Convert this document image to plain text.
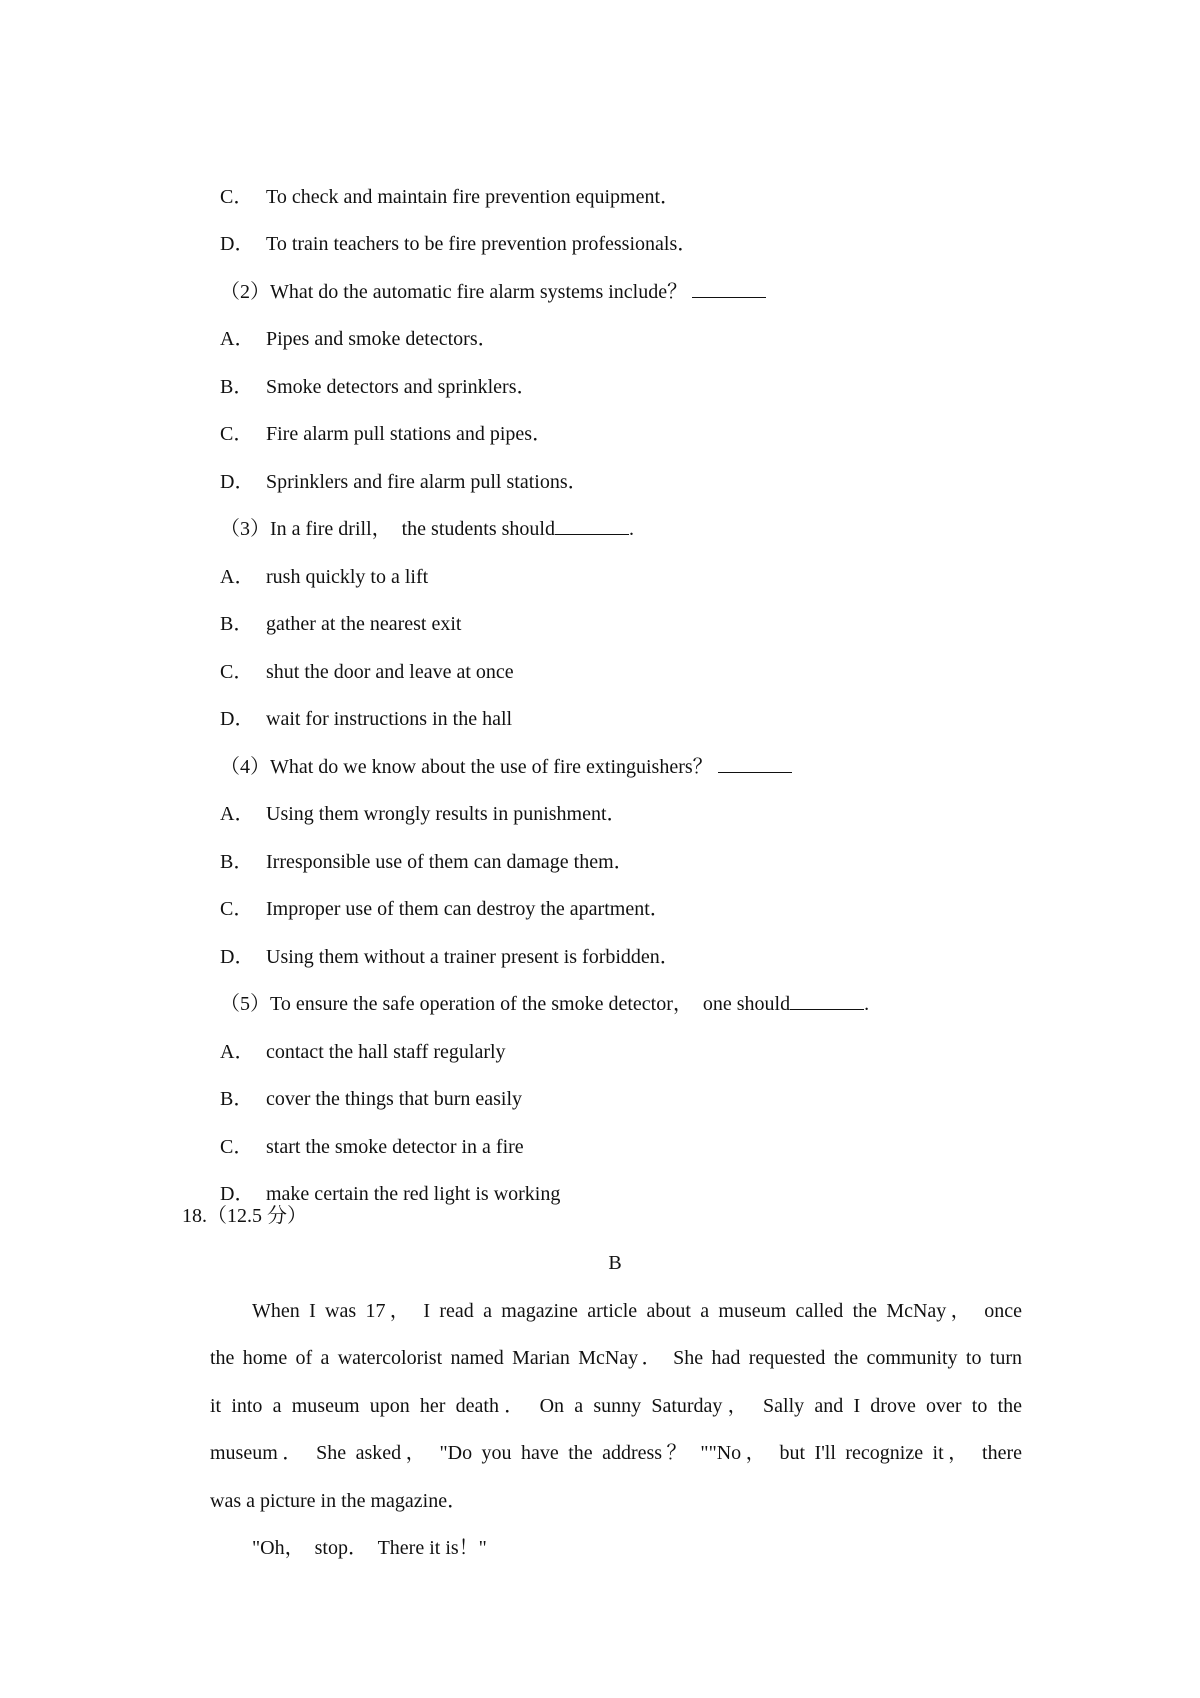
C． To check and maintain fire prevention equipment．

D． To train teachers to be fire prevention professionals．

（2）What do the automatic fire alarm systems include？

A． Pipes and smoke detectors．

B． Smoke detectors and sprinklers．

C． Fire alarm pull stations and pipes．

D． Sprinklers and fire alarm pull stations．

（3）In a fire drill，  the students should	.

A． rush quickly to a lift

B． gather at the nearest exit

C． shut the door and leave at once

D． wait for instructions in the hall

（4）What do we know about the use of fire extinguishers？

A． Using them wrongly results in punishment．

B． Irresponsible use of them can damage them．

C． Improper use of them can destroy the apartment．

D． Using them without a trainer present is forbidden．

（5）To ensure the safe operation of the smoke detector，  one should	.

A． contact the hall staff regularly

B． cover the things that burn easily

C． start the smoke detector in a fire

D． make certain the red light is working

18.（12.5 分）
B
When I was 17， I read a magazine article about a museum called the McNay， once
the home of a watercolorist named Marian McNay． She had requested the community to turn
it into a museum upon her death． On a sunny Saturday， Sally and I drove over to the
museum． She asked， "Do you have the address？ ""No， but I'll recognize it， there
was a picture in the magazine．
"Oh，  stop．  There it is！"
